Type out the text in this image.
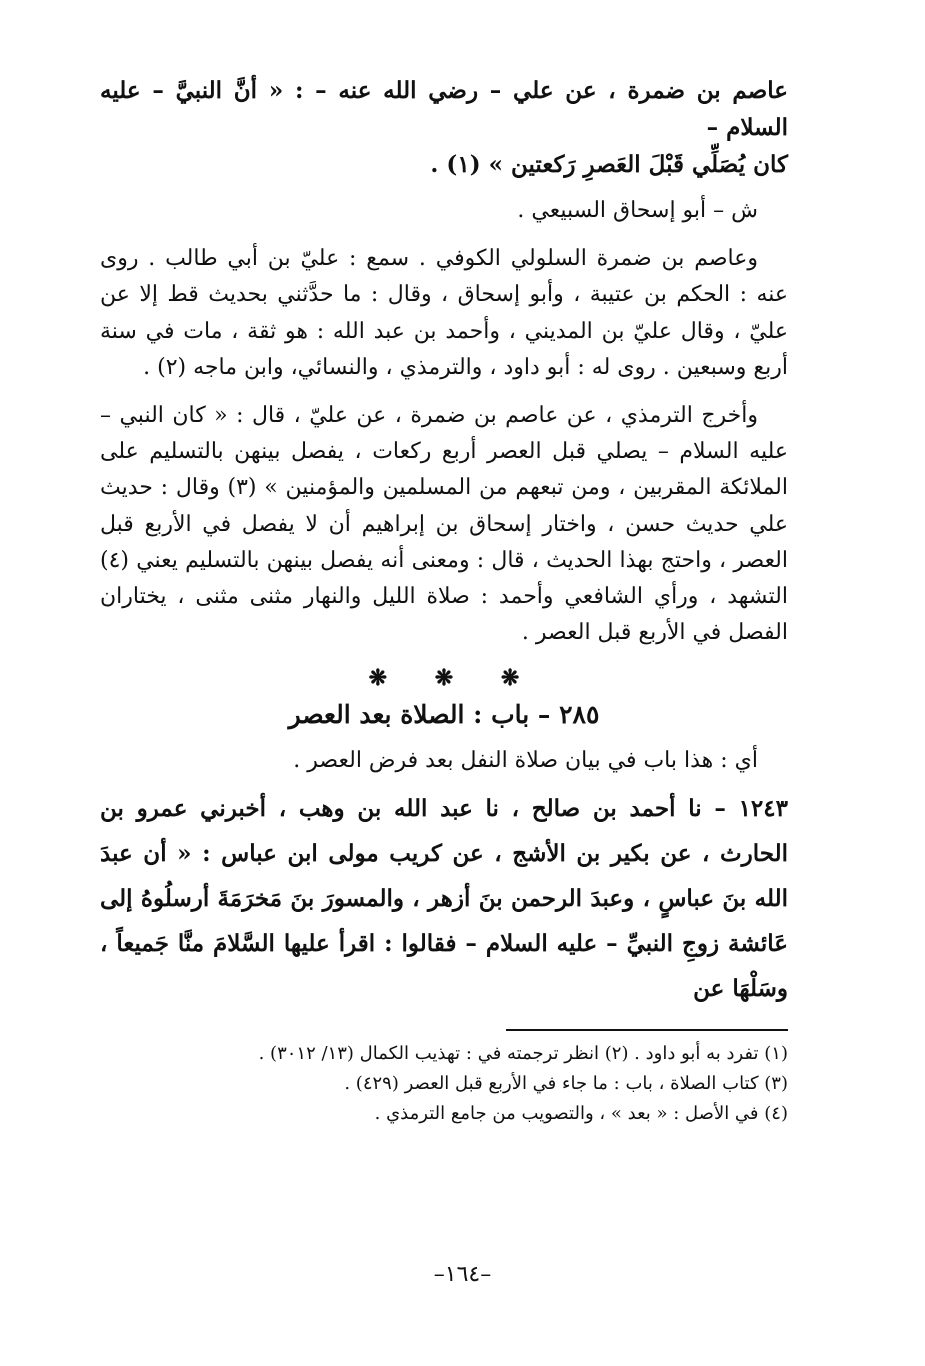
عاصم بن ضمرة ، عن علي – رضي الله عنه – : « أنَّ النبيَّ – عليه السلام –
كان يُصَلِّي قَبْلَ العَصرِ رَكعتين » (١) .

ش – أبو إسحاق السبيعي .

وعاصم بن ضمرة السلولي الكوفي . سمع : عليّ بن أبي طالب . روى عنه : الحكم بن عتيبة ، وأبو إسحاق ، وقال : ما حدَّثني بحديث قط إلا عن عليّ ، وقال عليّ بن المديني ، وأحمد بن عبد الله : هو ثقة ، مات في سنة أربع وسبعين . روى له : أبو داود ، والترمذي ، والنسائي، وابن ماجه (٢) .

وأخرج الترمذي ، عن عاصم بن ضمرة ، عن عليّ ، قال : « كان النبي – عليه السلام – يصلي قبل العصر أربع ركعات ، يفصل بينهن بالتسليم على الملائكة المقربين ، ومن تبعهم من المسلمين والمؤمنين » (٣) وقال : حديث علي حديث حسن ، واختار إسحاق بن إبراهيم أن لا يفصل في الأربع قبل العصر ، واحتج بهذا الحديث ، قال : ومعنى أنه يفصل بينهن بالتسليم يعني (٤) التشهد ، ورأي الشافعي وأحمد : صلاة الليل والنهار مثنى مثنى ، يختاران الفصل في الأربع قبل العصر .

❋ ❋ ❋
٢٨٥ – باب : الصلاة بعد العصر

أي : هذا باب في بيان صلاة النفل بعد فرض العصر .

١٢٤٣ – نا أحمد بن صالح ، نا عبد الله بن وهب ، أخبرني عمرو بن الحارث ، عن بكير بن الأشج ، عن كريب مولى ابن عباس : « أن عبدَ الله بنَ عباسٍ ، وعبدَ الرحمن بنَ أزهر ، والمسورَ بنَ مَخرَمَةَ أرسلُوهُ إلى عَائشة زوجِ النبيِّ – عليه السلام – فقالوا : اقرأ عليها السَّلامَ منَّا جَميعاً ، وسَلْهَا عن

(١) تفرد به أبو داود . (٢) انظر ترجمته في : تهذيب الكمال (١٣/ ٣٠١٢) .

(٣) كتاب الصلاة ، باب : ما جاء في الأربع قبل العصر (٤٢٩) .

(٤) في الأصل : « بعد » ، والتصويب من جامع الترمذي .

–١٦٤–
